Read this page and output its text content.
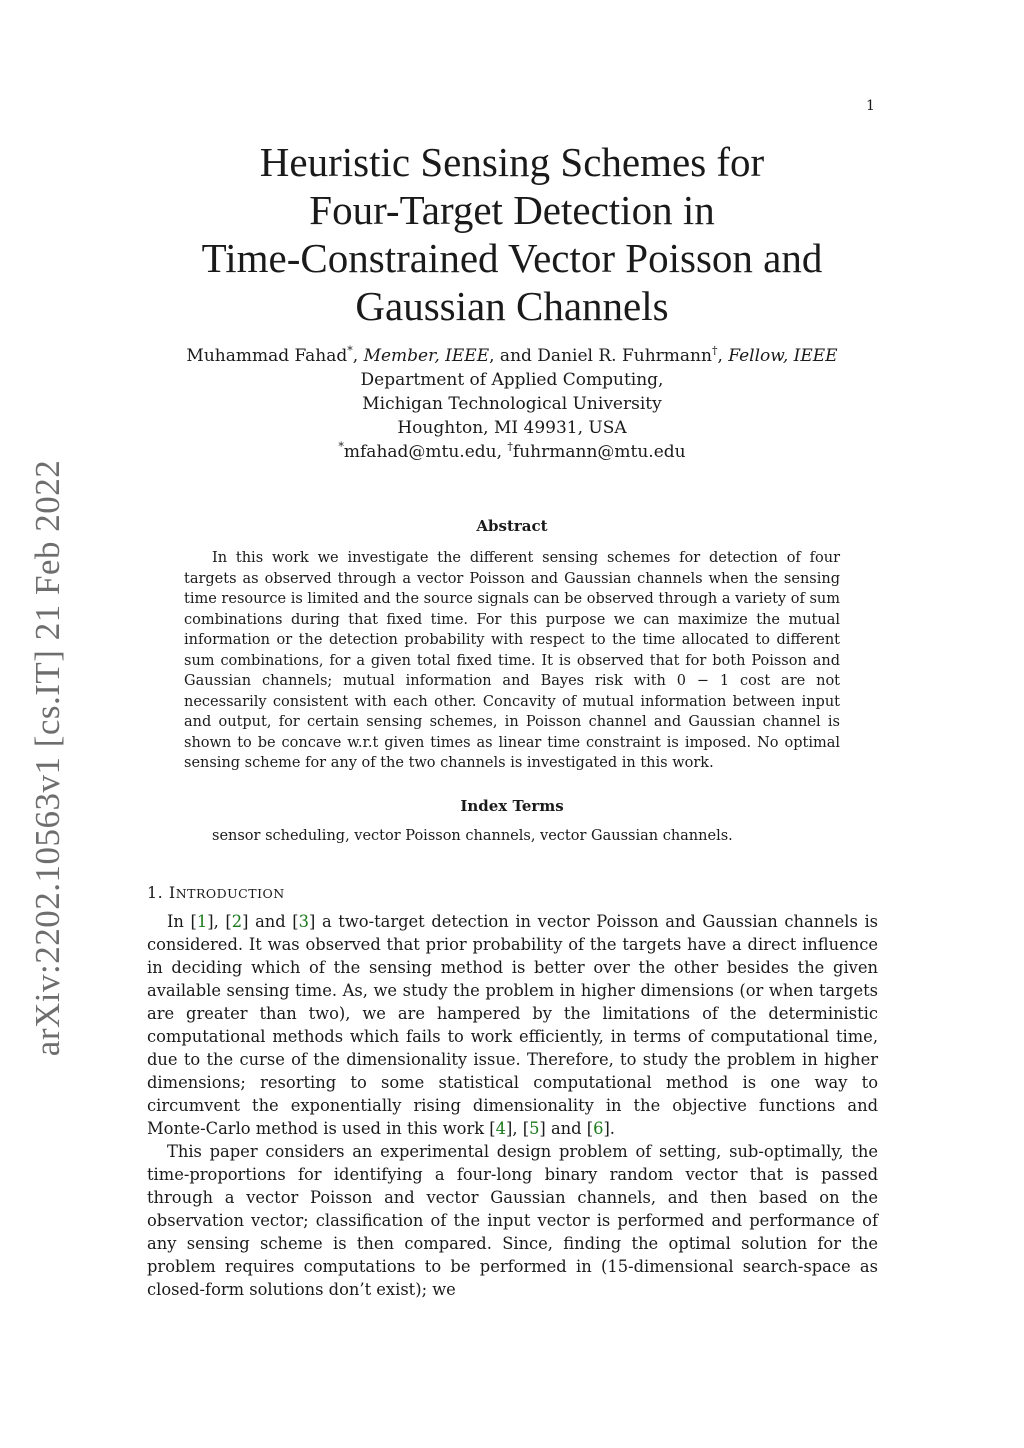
1
arXiv:2202.10563v1 [cs.IT] 21 Feb 2022
Heuristic Sensing Schemes for
Four-Target Detection in
Time-Constrained Vector Poisson and
Gaussian Channels
Muhammad Fahad*, Member, IEEE, and Daniel R. Fuhrmann†, Fellow, IEEE
Department of Applied Computing,
Michigan Technological University
Houghton, MI 49931, USA
*mfahad@mtu.edu, †fuhrmann@mtu.edu
Abstract

In this work we investigate the different sensing schemes for detection of four targets as observed through a vector Poisson and Gaussian channels when the sensing time resource is limited and the source signals can be observed through a variety of sum combinations during that fixed time. For this purpose we can maximize the mutual information or the detection probability with respect to the time allocated to different sum combinations, for a given total fixed time. It is observed that for both Poisson and Gaussian channels; mutual information and Bayes risk with 0 − 1 cost are not necessarily consistent with each other. Concavity of mutual information between input and output, for certain sensing schemes, in Poisson channel and Gaussian channel is shown to be concave w.r.t given times as linear time constraint is imposed. No optimal sensing scheme for any of the two channels is investigated in this work.

Index Terms
sensor scheduling, vector Poisson channels, vector Gaussian channels.
1. INTRODUCTION

In [1], [2] and [3] a two-target detection in vector Poisson and Gaussian channels is considered. It was observed that prior probability of the targets have a direct influence in deciding which of the sensing method is better over the other besides the given available sensing time. As, we study the problem in higher dimensions (or when targets are greater than two), we are hampered by the limitations of the deterministic computational methods which fails to work efficiently, in terms of computational time, due to the curse of the dimensionality issue. Therefore, to study the problem in higher dimensions; resorting to some statistical computational method is one way to circumvent the exponentially rising dimensionality in the objective functions and Monte-Carlo method is used in this work [4], [5] and [6].

This paper considers an experimental design problem of setting, sub-optimally, the time-proportions for identifying a four-long binary random vector that is passed through a vector Poisson and vector Gaussian channels, and then based on the observation vector; classification of the input vector is performed and performance of any sensing scheme is then compared. Since, finding the optimal solution for the problem requires computations to be performed in (15-dimensional search-space as closed-form solutions don’t exist); we
